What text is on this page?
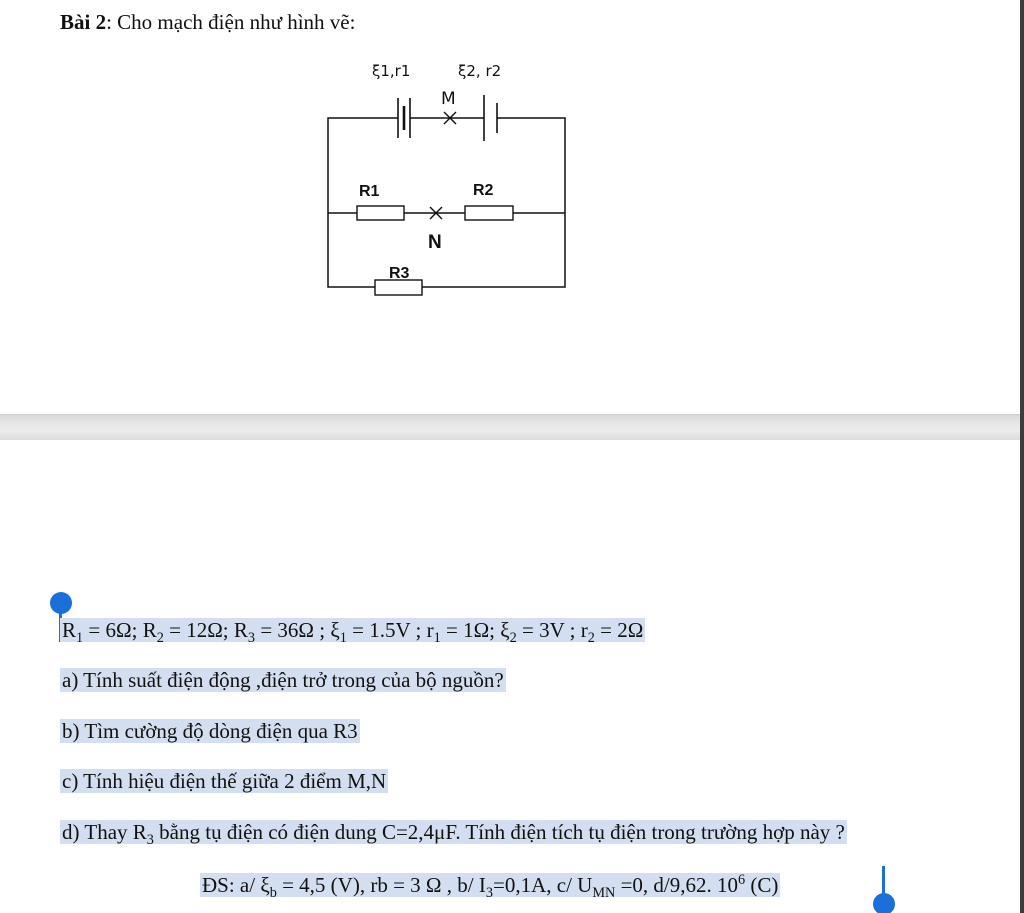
Bài 2: Cho mạch điện như hình vẽ:
ξ1,r1	ξ2, r2
M
N
R1	R2
R3
$R_1 = 6\Omega$; $R_2 = 12\Omega$; $R_3 = 36\Omega$ ; $\xi_1 = 1.5V$ ; $r_1 = 1\Omega$; $\xi_2 = 3V$ ; $r_2 = 2\Omega$
a) Tính suất điện động ,điện trở trong của bộ nguồn?
b) Tìm cường độ dòng điện qua R3
c) Tính hiệu điện thế giữa 2 điểm M,N
d) Thay $R_3$ bằng tụ điện có điện dung C=2,4μF. Tính điện tích tụ điện trong trường hợp này ?
ĐS: a/ $\xi_b = 4,5$ (V), rb = 3 Ω , b/ $I_3=0,1A$, c/ $U_{MN} =0$, d/9,62. $10^6$ (C)
